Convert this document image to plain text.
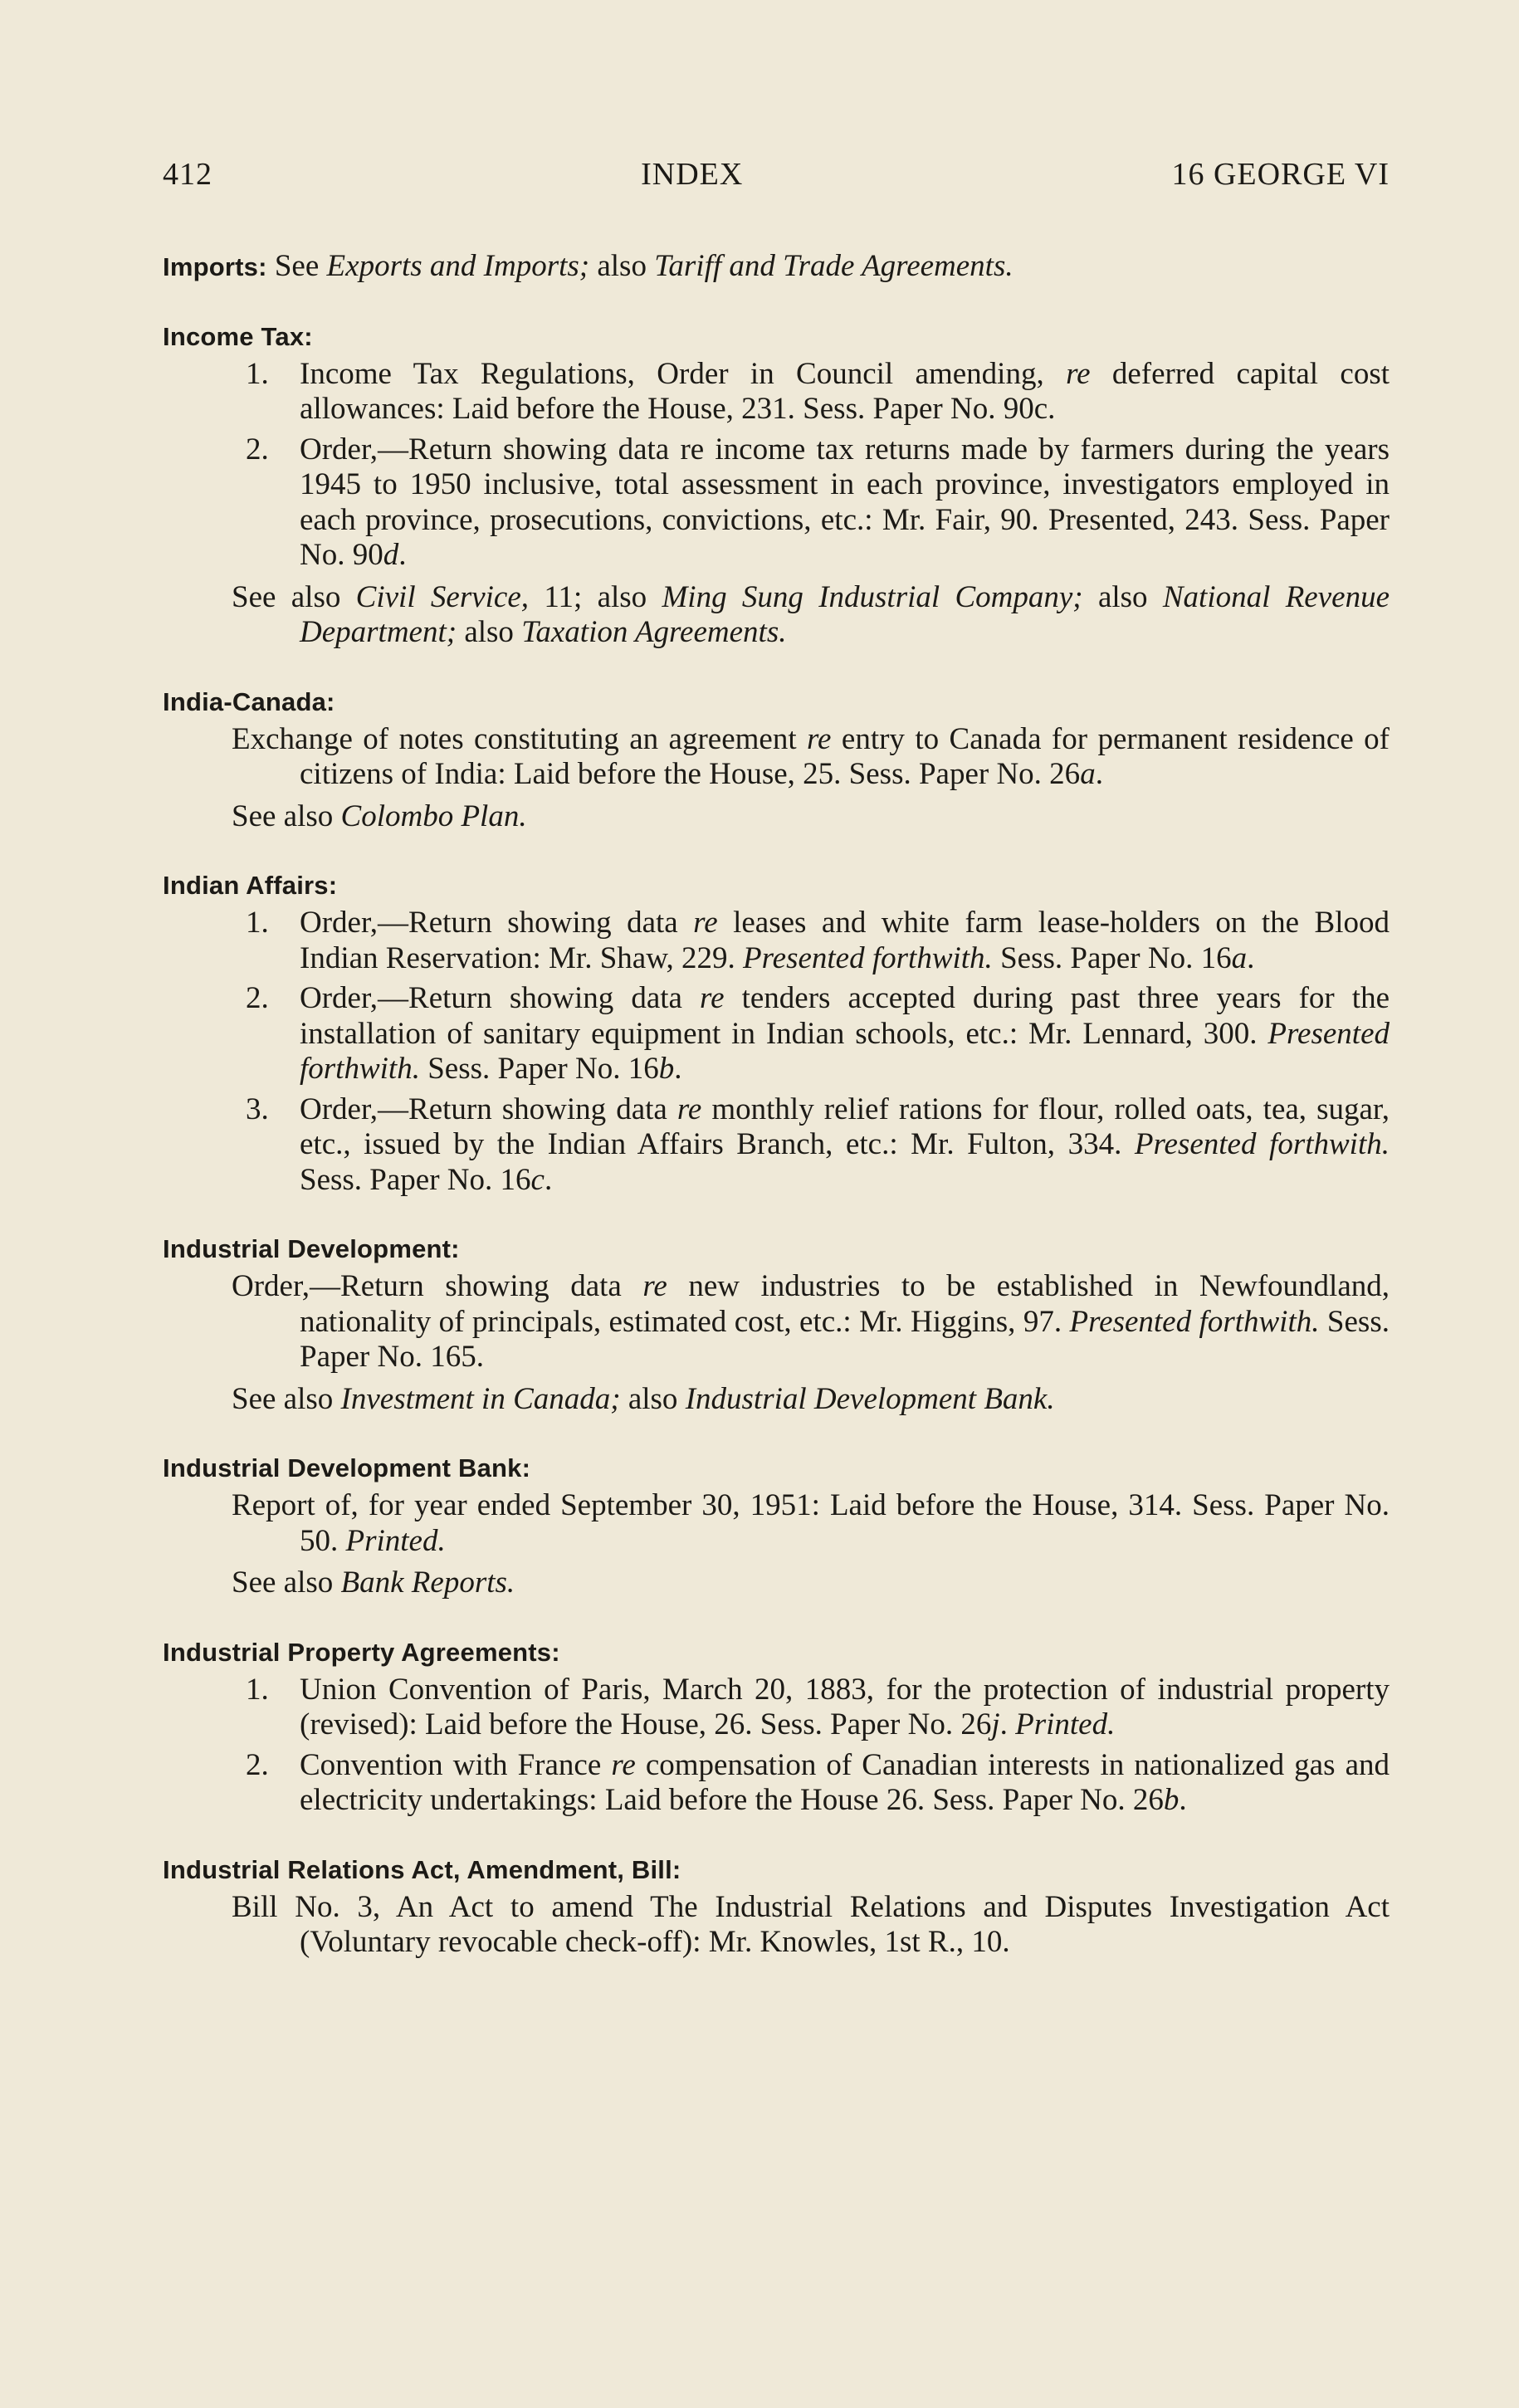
412	INDEX	16 GEORGE VI

Imports: See Exports and Imports; also Tariff and Trade Agreements.

Income Tax:

1. Income Tax Regulations, Order in Council amending, re deferred capital cost allowances: Laid before the House, 231. Sess. Paper No. 90c.

2. Order,—Return showing data re income tax returns made by farmers during the years 1945 to 1950 inclusive, total assessment in each province, investigators employed in each province, prosecutions, convictions, etc.: Mr. Fair, 90. Presented, 243. Sess. Paper No. 90d.

See also Civil Service, 11; also Ming Sung Industrial Company; also National Revenue Department; also Taxation Agreements.

India-Canada:

Exchange of notes constituting an agreement re entry to Canada for permanent residence of citizens of India: Laid before the House, 25. Sess. Paper No. 26a.

See also Colombo Plan.

Indian Affairs:

1. Order,—Return showing data re leases and white farm lease-holders on the Blood Indian Reservation: Mr. Shaw, 229. Presented forthwith. Sess. Paper No. 16a.

2. Order,—Return showing data re tenders accepted during past three years for the installation of sanitary equipment in Indian schools, etc.: Mr. Lennard, 300. Presented forthwith. Sess. Paper No. 16b.

3. Order,—Return showing data re monthly relief rations for flour, rolled oats, tea, sugar, etc., issued by the Indian Affairs Branch, etc.: Mr. Fulton, 334. Presented forthwith. Sess. Paper No. 16c.

Industrial Development:

Order,—Return showing data re new industries to be established in Newfoundland, nationality of principals, estimated cost, etc.: Mr. Higgins, 97. Presented forthwith. Sess. Paper No. 165.

See also Investment in Canada; also Industrial Development Bank.

Industrial Development Bank:

Report of, for year ended September 30, 1951: Laid before the House, 314. Sess. Paper No. 50. Printed.

See also Bank Reports.

Industrial Property Agreements:

1. Union Convention of Paris, March 20, 1883, for the protection of industrial property (revised): Laid before the House, 26. Sess. Paper No. 26j. Printed.

2. Convention with France re compensation of Canadian interests in nationalized gas and electricity undertakings: Laid before the House 26. Sess. Paper No. 26b.

Industrial Relations Act, Amendment, Bill:

Bill No. 3, An Act to amend The Industrial Relations and Disputes Investigation Act (Voluntary revocable check-off): Mr. Knowles, 1st R., 10.
